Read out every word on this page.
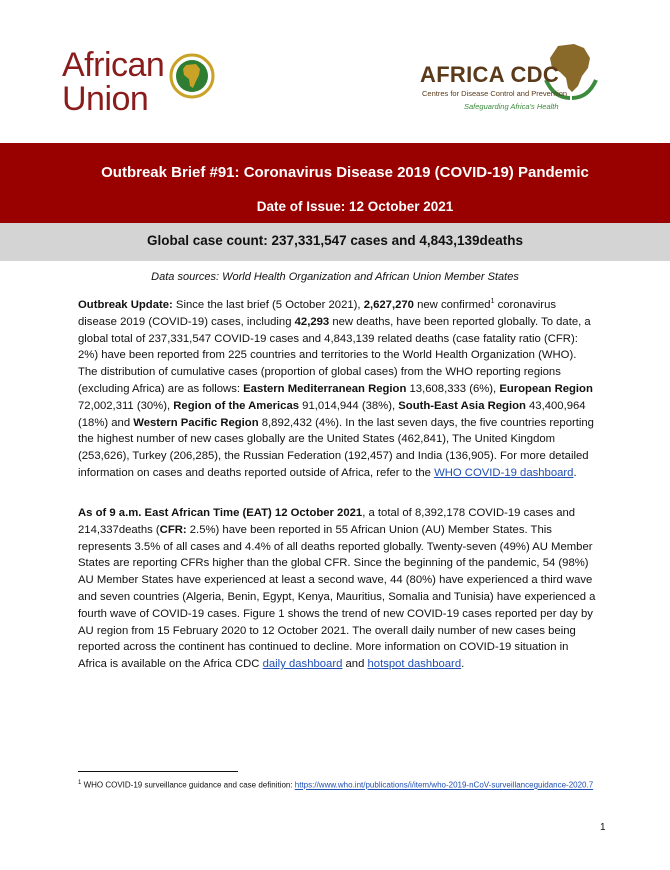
African
Union
AFRICA CDC
Centres for Disease Control and Prevention
Safeguarding Africa's Health
Outbreak Brief #91: Coronavirus Disease 2019 (COVID-19) Pandemic
Date of Issue: 12 October 2021
Global case count: 237,331,547 cases and 4,843,139deaths
Data sources: World Health Organization and African Union Member States
Outbreak Update: Since the last brief (5 October 2021), 2,627,270 new confirmed$^1$ coronavirus disease 2019 (COVID-19) cases, including 42,293 new deaths, have been reported globally. To date, a global total of 237,331,547 COVID-19 cases and 4,843,139 related deaths (case fatality ratio (CFR): 2%) have been reported from 225 countries and territories to the World Health Organization (WHO). The distribution of cumulative cases (proportion of global cases) from the WHO reporting regions (excluding Africa) are as follows: Eastern Mediterranean Region 13,608,333 (6%), European Region 72,002,311 (30%), Region of the Americas 91,014,944 (38%), South-East Asia Region 43,400,964 (18%) and Western Pacific Region 8,892,432 (4%). In the last seven days, the five countries reporting the highest number of new cases globally are the United States (462,841), The United Kingdom (253,626), Turkey (206,285), the Russian Federation (192,457) and India (136,905). For more detailed information on cases and deaths reported outside of Africa, refer to the WHO COVID-19 dashboard.
As of 9 a.m. East African Time (EAT) 12 October 2021, a total of 8,392,178 COVID-19 cases and 214,337deaths (CFR: 2.5%) have been reported in 55 African Union (AU) Member States. This represents 3.5% of all cases and 4.4% of all deaths reported globally. Twenty-seven (49%) AU Member States are reporting CFRs higher than the global CFR. Since the beginning of the pandemic, 54 (98%) AU Member States have experienced at least a second wave, 44 (80%) have experienced a third wave and seven countries (Algeria, Benin, Egypt, Kenya, Mauritius, Somalia and Tunisia) have experienced a fourth wave of COVID-19 cases. Figure 1 shows the trend of new COVID-19 cases reported per day by AU region from 15 February 2020 to 12 October 2021. The overall daily number of new cases being reported across the continent has continued to decline. More information on COVID-19 situation in Africa is available on the Africa CDC daily dashboard and hotspot dashboard.
$^1$ WHO COVID-19 surveillance guidance and case definition: https://www.who.int/publications/i/item/who-2019-nCoV-surveillanceguidance-2020.7
1
